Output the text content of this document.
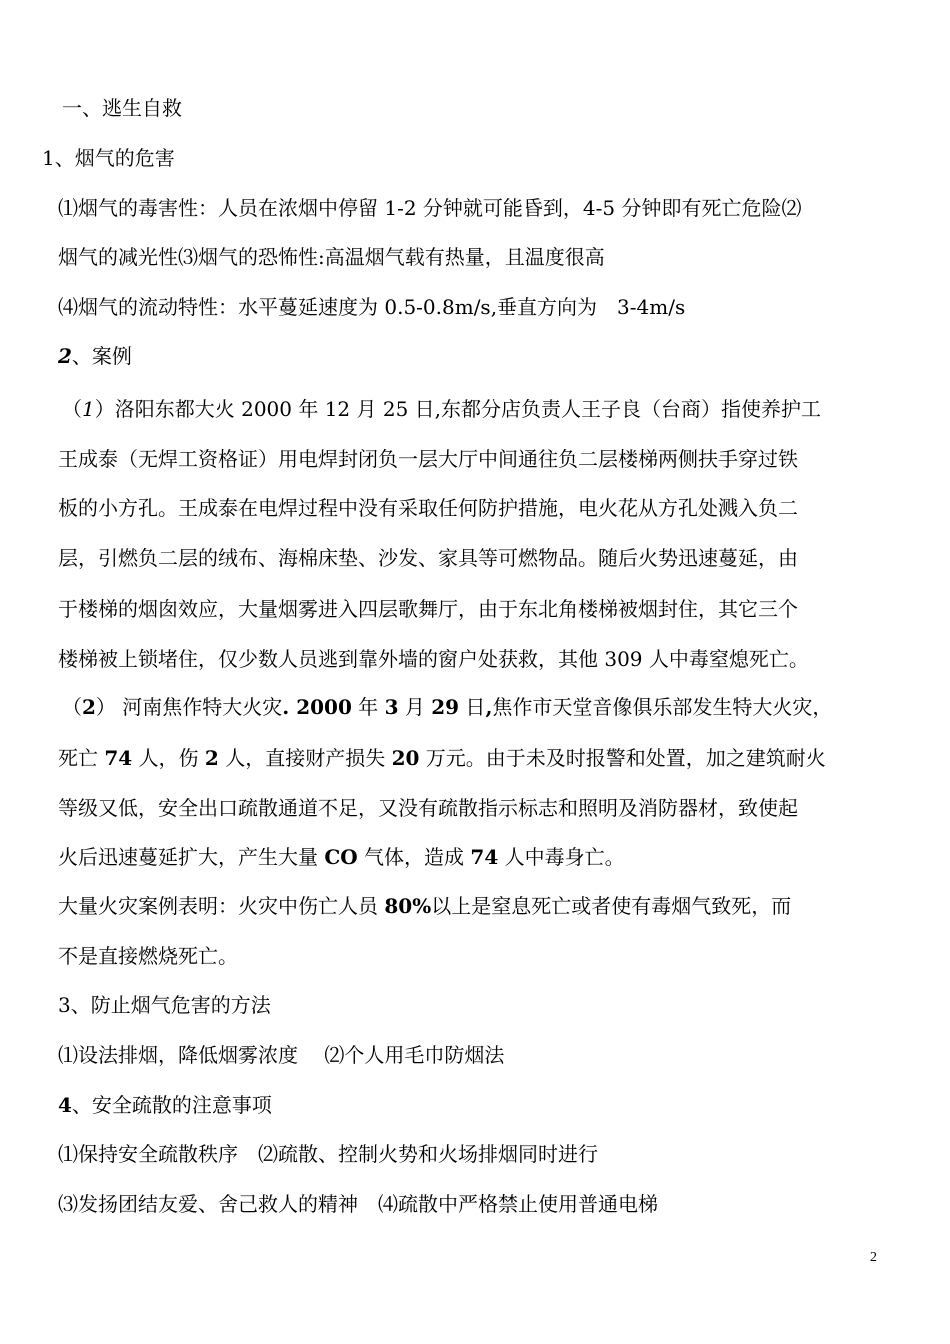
一、逃生自救
1、烟气的危害
⑴烟气的毒害性：人员在浓烟中停留 1-2 分钟就可能昏到，4-5 分钟即有死亡危险⑵
烟气的减光性⑶烟气的恐怖性:高温烟气载有热量，且温度很高
⑷烟气的流动特性：水平蔓延速度为 0.5-0.8m/s,垂直方向为　3-4m/s
2、案例
（1）洛阳东都大火 2000 年 12 月 25 日,东都分店负责人王子良（台商）指使养护工
王成泰（无焊工资格证）用电焊封闭负一层大厅中间通往负二层楼梯两侧扶手穿过铁
板的小方孔。王成泰在电焊过程中没有采取任何防护措施，电火花从方孔处溅入负二
层，引燃负二层的绒布、海棉床垫、沙发、家具等可燃物品。随后火势迅速蔓延，由
于楼梯的烟囱效应，大量烟雾进入四层歌舞厅，由于东北角楼梯被烟封住，其它三个
楼梯被上锁堵住，仅少数人员逃到靠外墙的窗户处获救，其他 309 人中毒窒熄死亡。
（2） 河南焦作特大火灾. 2000 年 3 月 29 日,焦作市天堂音像俱乐部发生特大火灾，
死亡 74 人，伤 2 人，直接财产损失 20 万元。由于未及时报警和处置，加之建筑耐火
等级又低，安全出口疏散通道不足，又没有疏散指示标志和照明及消防器材，致使起
火后迅速蔓延扩大，产生大量 CO 气体，造成 74 人中毒身亡。
大量火灾案例表明：火灾中伤亡人员 80%以上是窒息死亡或者使有毒烟气致死，而
不是直接燃烧死亡。
3、防止烟气危害的方法
⑴设法排烟，降低烟雾浓度　 ⑵个人用毛巾防烟法
4、安全疏散的注意事项
⑴保持安全疏散秩序　⑵疏散、控制火势和火场排烟同时进行
⑶发扬团结友爱、舍己救人的精神　⑷疏散中严格禁止使用普通电梯
2
